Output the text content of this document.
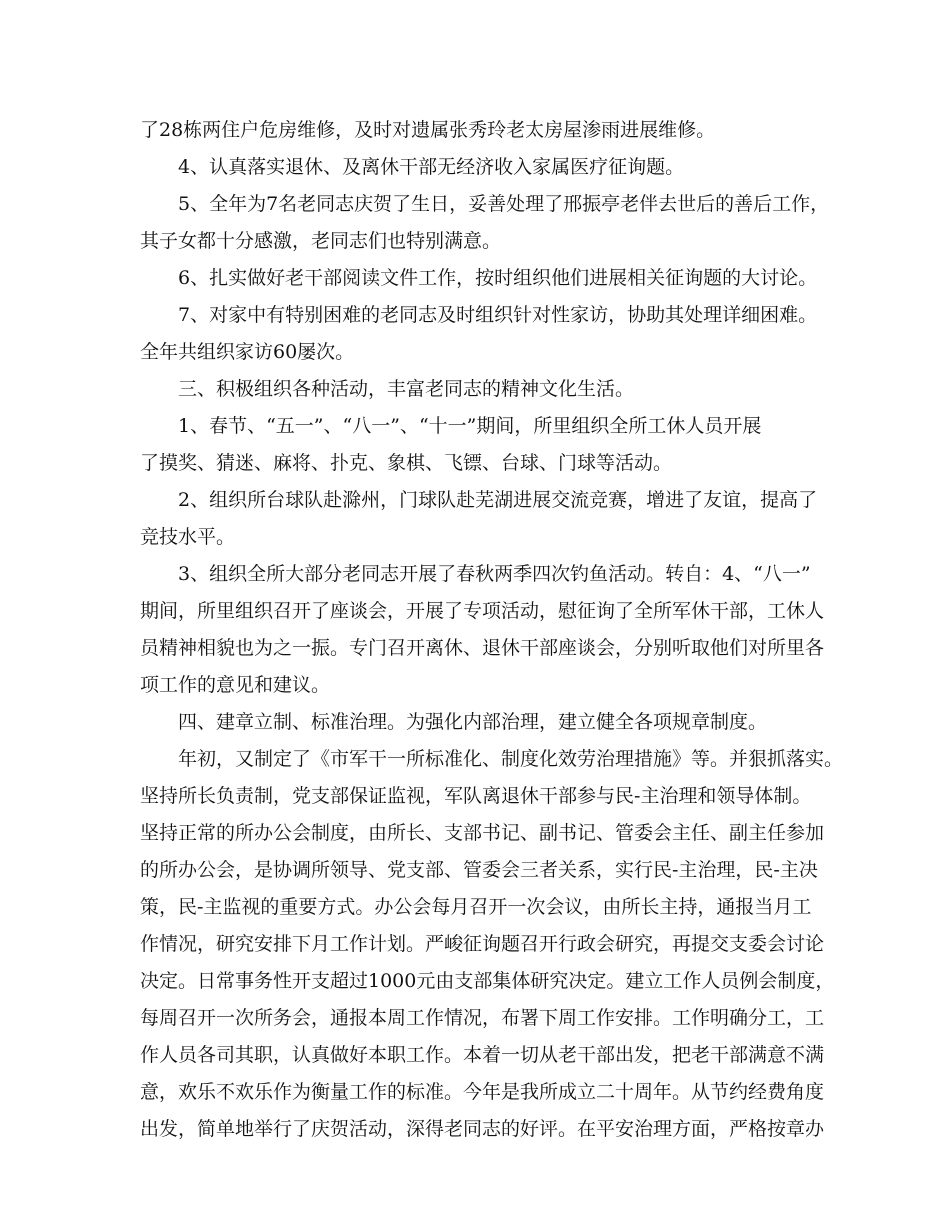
了28栋两住户危房维修，及时对遗属张秀玲老太房屋渗雨进展维修。
4、认真落实退休、及离休干部无经济收入家属医疗征询题。
5、全年为7名老同志庆贺了生日，妥善处理了邢振亭老伴去世后的善后工作，
其子女都十分感激，老同志们也特别满意。
6、扎实做好老干部阅读文件工作，按时组织他们进展相关征询题的大讨论。
7、对家中有特别困难的老同志及时组织针对性家访，协助其处理详细困难。
全年共组织家访60屡次。
三、积极组织各种活动，丰富老同志的精神文化生活。
1、春节、“五一”、“八一”、“十一”期间，所里组织全所工休人员开展
了摸奖、猜迷、麻将、扑克、象棋、飞镖、台球、门球等活动。
2、组织所台球队赴滁州，门球队赴芜湖进展交流竞赛，增进了友谊，提高了
竞技水平。
3、组织全所大部分老同志开展了春秋两季四次钓鱼活动。转自：4、“八一”
期间，所里组织召开了座谈会，开展了专项活动，慰征询了全所军休干部，工休人
员精神相貌也为之一振。专门召开离休、退休干部座谈会，分别听取他们对所里各
项工作的意见和建议。
四、建章立制、标准治理。为强化内部治理，建立健全各项规章制度。
年初，又制定了《市军干一所标准化、制度化效劳治理措施》等。并狠抓落实。
坚持所长负责制，党支部保证监视，军队离退休干部参与民-主治理和领导体制。
坚持正常的所办公会制度，由所长、支部书记、副书记、管委会主任、副主任参加
的所办公会，是协调所领导、党支部、管委会三者关系，实行民-主治理，民-主决
策，民-主监视的重要方式。办公会每月召开一次会议，由所长主持，通报当月工
作情况，研究安排下月工作计划。严峻征询题召开行政会研究，再提交支委会讨论
决定。日常事务性开支超过1000元由支部集体研究决定。建立工作人员例会制度，
每周召开一次所务会，通报本周工作情况，布署下周工作安排。工作明确分工，工
作人员各司其职，认真做好本职工作。本着一切从老干部出发，把老干部满意不满
意，欢乐不欢乐作为衡量工作的标准。今年是我所成立二十周年。从节约经费角度
出发，简单地举行了庆贺活动，深得老同志的好评。在平安治理方面，严格按章办
